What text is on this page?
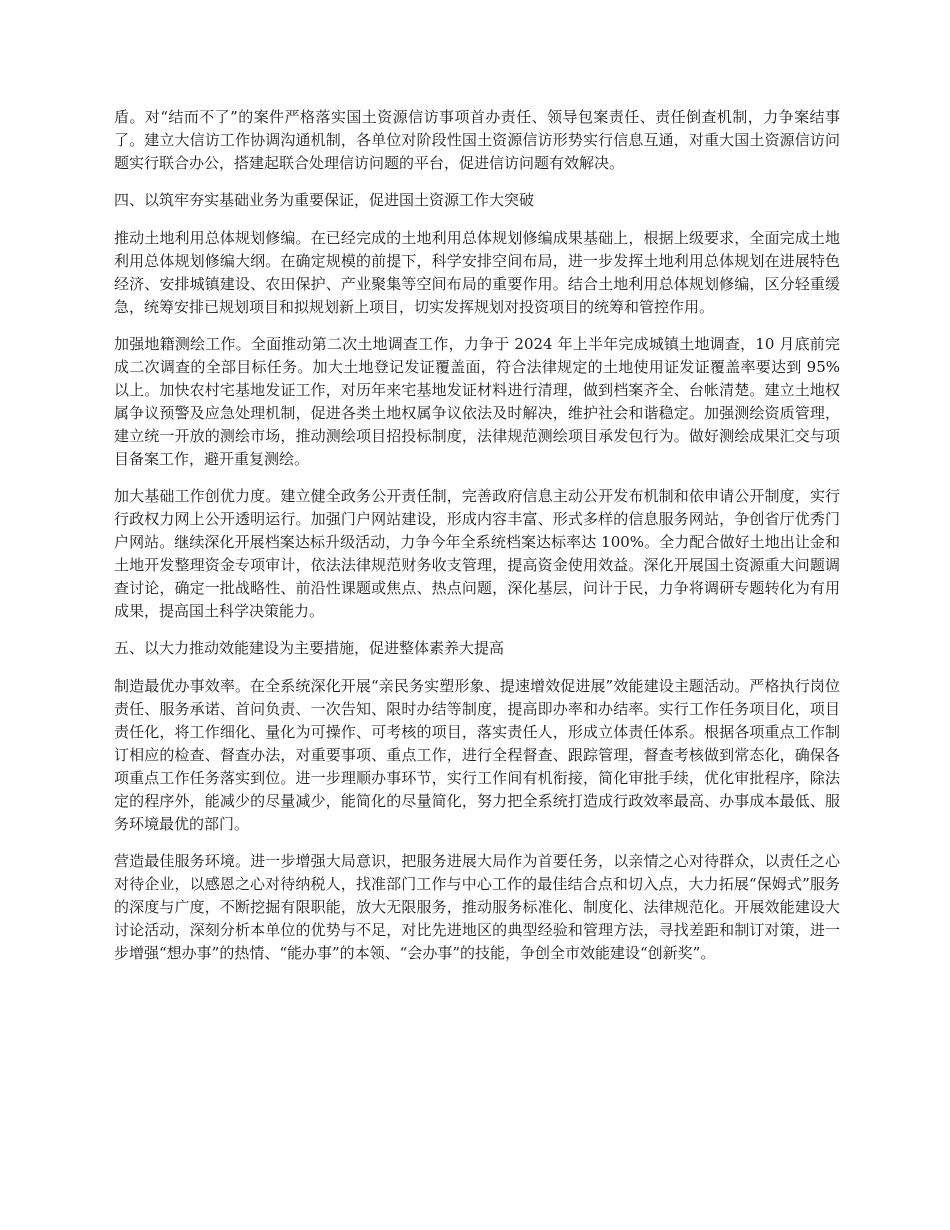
盾。对“结而不了”的案件严格落实国土资源信访事项首办责任、领导包案责任、责任倒查机制，力争案结事了。建立大信访工作协调沟通机制，各单位对阶段性国土资源信访形势实行信息互通，对重大国土资源信访问题实行联合办公，搭建起联合处理信访问题的平台，促进信访问题有效解决。

四、以筑牢夯实基础业务为重要保证，促进国土资源工作大突破

推动土地利用总体规划修编。在已经完成的土地利用总体规划修编成果基础上，根据上级要求，全面完成土地利用总体规划修编大纲。在确定规模的前提下，科学安排空间布局，进一步发挥土地利用总体规划在进展特色经济、安排城镇建设、农田保护、产业聚集等空间布局的重要作用。结合土地利用总体规划修编，区分轻重缓急，统筹安排已规划项目和拟规划新上项目，切实发挥规划对投资项目的统筹和管控作用。

加强地籍测绘工作。全面推动第二次土地调查工作，力争于 2024 年上半年完成城镇土地调查，10 月底前完成二次调查的全部目标任务。加大土地登记发证覆盖面，符合法律规定的土地使用证发证覆盖率要达到 95%以上。加快农村宅基地发证工作，对历年来宅基地发证材料进行清理，做到档案齐全、台帐清楚。建立土地权属争议预警及应急处理机制，促进各类土地权属争议依法及时解决，维护社会和谐稳定。加强测绘资质管理，建立统一开放的测绘市场，推动测绘项目招投标制度，法律规范测绘项目承发包行为。做好测绘成果汇交与项目备案工作，避开重复测绘。

加大基础工作创优力度。建立健全政务公开责任制，完善政府信息主动公开发布机制和依申请公开制度，实行行政权力网上公开透明运行。加强门户网站建设，形成内容丰富、形式多样的信息服务网站，争创省厅优秀门户网站。继续深化开展档案达标升级活动，力争今年全系统档案达标率达 100%。全力配合做好土地出让金和土地开发整理资金专项审计，依法法律规范财务收支管理，提高资金使用效益。深化开展国土资源重大问题调查讨论，确定一批战略性、前沿性课题或焦点、热点问题，深化基层，问计于民，力争将调研专题转化为有用成果，提高国土科学决策能力。

五、以大力推动效能建设为主要措施，促进整体素养大提高

制造最优办事效率。在全系统深化开展“亲民务实塑形象、提速增效促进展”效能建设主题活动。严格执行岗位责任、服务承诺、首问负责、一次告知、限时办结等制度，提高即办率和办结率。实行工作任务项目化，项目责任化，将工作细化、量化为可操作、可考核的项目，落实责任人，形成立体责任体系。根据各项重点工作制订相应的检查、督查办法，对重要事项、重点工作，进行全程督查、跟踪管理，督查考核做到常态化，确保各项重点工作任务落实到位。进一步理顺办事环节，实行工作间有机衔接，简化审批手续，优化审批程序，除法定的程序外，能减少的尽量减少，能简化的尽量简化，努力把全系统打造成行政效率最高、办事成本最低、服务环境最优的部门。

营造最佳服务环境。进一步增强大局意识，把服务进展大局作为首要任务，以亲情之心对待群众，以责任之心对待企业，以感恩之心对待纳税人，找准部门工作与中心工作的最佳结合点和切入点，大力拓展“保姆式”服务的深度与广度，不断挖掘有限职能，放大无限服务，推动服务标准化、制度化、法律规范化。开展效能建设大讨论活动，深刻分析本单位的优势与不足，对比先进地区的典型经验和管理方法，寻找差距和制订对策，进一步增强“想办事”的热情、“能办事”的本领、“会办事”的技能，争创全市效能建设“创新奖”。
